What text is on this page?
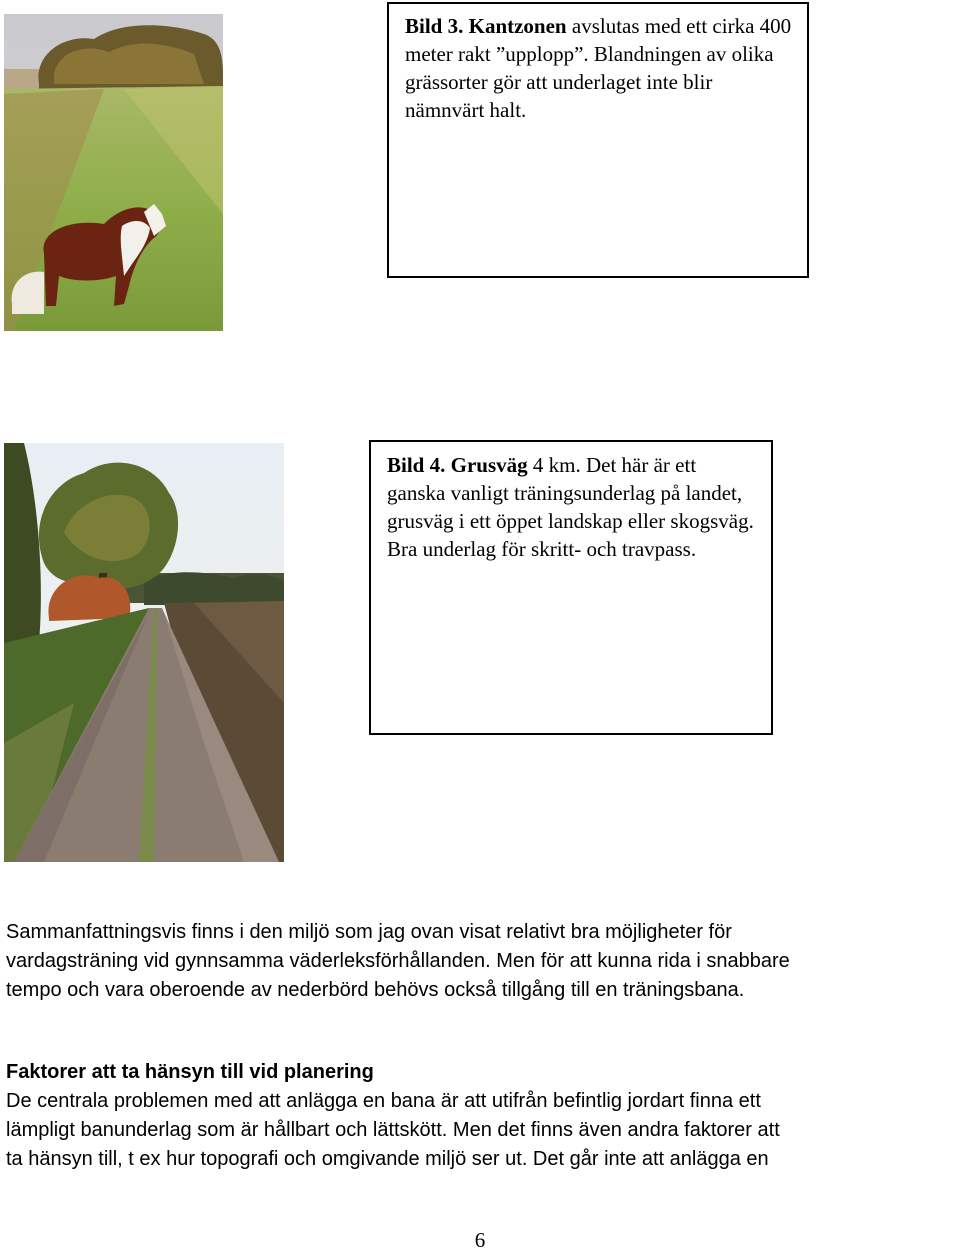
Bild 3. Kantzonen avslutas med ett cirka 400 meter rakt ”upplopp”. Blandningen av olika grässorter gör att underlaget inte blir nämnvärt halt.
Bild 4. Grusväg 4 km. Det här är ett ganska vanligt träningsunderlag på landet, grusväg i ett öppet landskap eller skogsväg. Bra underlag för skritt- och travpass.
Sammanfattningsvis finns i den miljö som jag ovan visat relativt bra möjligheter för
vardagsträning vid gynnsamma väderleksförhållanden. Men för att kunna rida i snabbare
tempo och vara oberoende av nederbörd behövs också tillgång till en träningsbana.
Faktorer att ta hänsyn till vid planering
De centrala problemen med att anlägga en bana är att utifrån befintlig jordart finna ett
lämpligt banunderlag som är hållbart och lättskött. Men det finns även andra faktorer att
ta hänsyn till, t ex hur topografi och omgivande miljö ser ut. Det går inte att anlägga en
6
